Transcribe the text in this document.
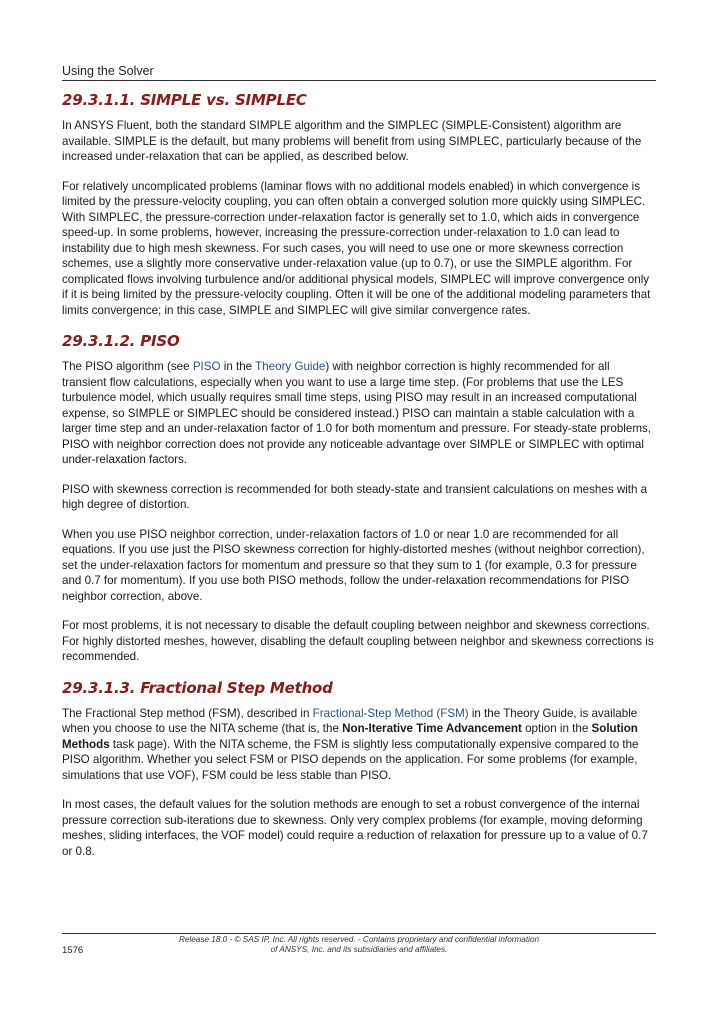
Using the Solver
29.3.1.1. SIMPLE vs. SIMPLEC

In ANSYS Fluent, both the standard SIMPLE algorithm and the SIMPLEC (SIMPLE-Consistent) algorithm are available. SIMPLE is the default, but many problems will benefit from using SIMPLEC, particularly because of the increased under-relaxation that can be applied, as described below.

For relatively uncomplicated problems (laminar flows with no additional models enabled) in which convergence is limited by the pressure-velocity coupling, you can often obtain a converged solution more quickly using SIMPLEC. With SIMPLEC, the pressure-correction under-relaxation factor is generally set to 1.0, which aids in convergence speed-up. In some problems, however, increasing the pressure-correction under-relaxation to 1.0 can lead to instability due to high mesh skewness. For such cases, you will need to use one or more skewness correction schemes, use a slightly more conservative under-relaxation value (up to 0.7), or use the SIMPLE algorithm. For complicated flows involving turbulence and/or additional physical models, SIMPLEC will improve convergence only if it is being limited by the pressure-velocity coupling. Often it will be one of the additional modeling parameters that limits convergence; in this case, SIMPLE and SIMPLEC will give similar convergence rates.

29.3.1.2. PISO

The PISO algorithm (see PISO in the Theory Guide) with neighbor correction is highly recommended for all transient flow calculations, especially when you want to use a large time step. (For problems that use the LES turbulence model, which usually requires small time steps, using PISO may result in an increased computational expense, so SIMPLE or SIMPLEC should be considered instead.) PISO can maintain a stable calculation with a larger time step and an under-relaxation factor of 1.0 for both momentum and pressure. For steady-state problems, PISO with neighbor correction does not provide any noticeable advantage over SIMPLE or SIMPLEC with optimal under-relaxation factors.

PISO with skewness correction is recommended for both steady-state and transient calculations on meshes with a high degree of distortion.

When you use PISO neighbor correction, under-relaxation factors of 1.0 or near 1.0 are recommended for all equations. If you use just the PISO skewness correction for highly-distorted meshes (without neighbor correction), set the under-relaxation factors for momentum and pressure so that they sum to 1 (for example, 0.3 for pressure and 0.7 for momentum). If you use both PISO methods, follow the under-relaxation recommendations for PISO neighbor correction, above.

For most problems, it is not necessary to disable the default coupling between neighbor and skewness corrections. For highly distorted meshes, however, disabling the default coupling between neighbor and skewness corrections is recommended.

29.3.1.3. Fractional Step Method

The Fractional Step method (FSM), described in Fractional-Step Method (FSM) in the Theory Guide, is available when you choose to use the NITA scheme (that is, the Non-Iterative Time Advancement option in the Solution Methods task page). With the NITA scheme, the FSM is slightly less computationally expensive compared to the PISO algorithm. Whether you select FSM or PISO depends on the application. For some problems (for example, simulations that use VOF), FSM could be less stable than PISO.

In most cases, the default values for the solution methods are enough to set a robust convergence of the internal pressure correction sub-iterations due to skewness. Only very complex problems (for example, moving deforming meshes, sliding interfaces, the VOF model) could require a reduction of relaxation for pressure up to a value of 0.7 or 0.8.

Release 18.0 - © SAS IP, Inc. All rights reserved. - Contains proprietary and confidential information
of ANSYS, Inc. and its subsidiaries and affiliates.
1576
